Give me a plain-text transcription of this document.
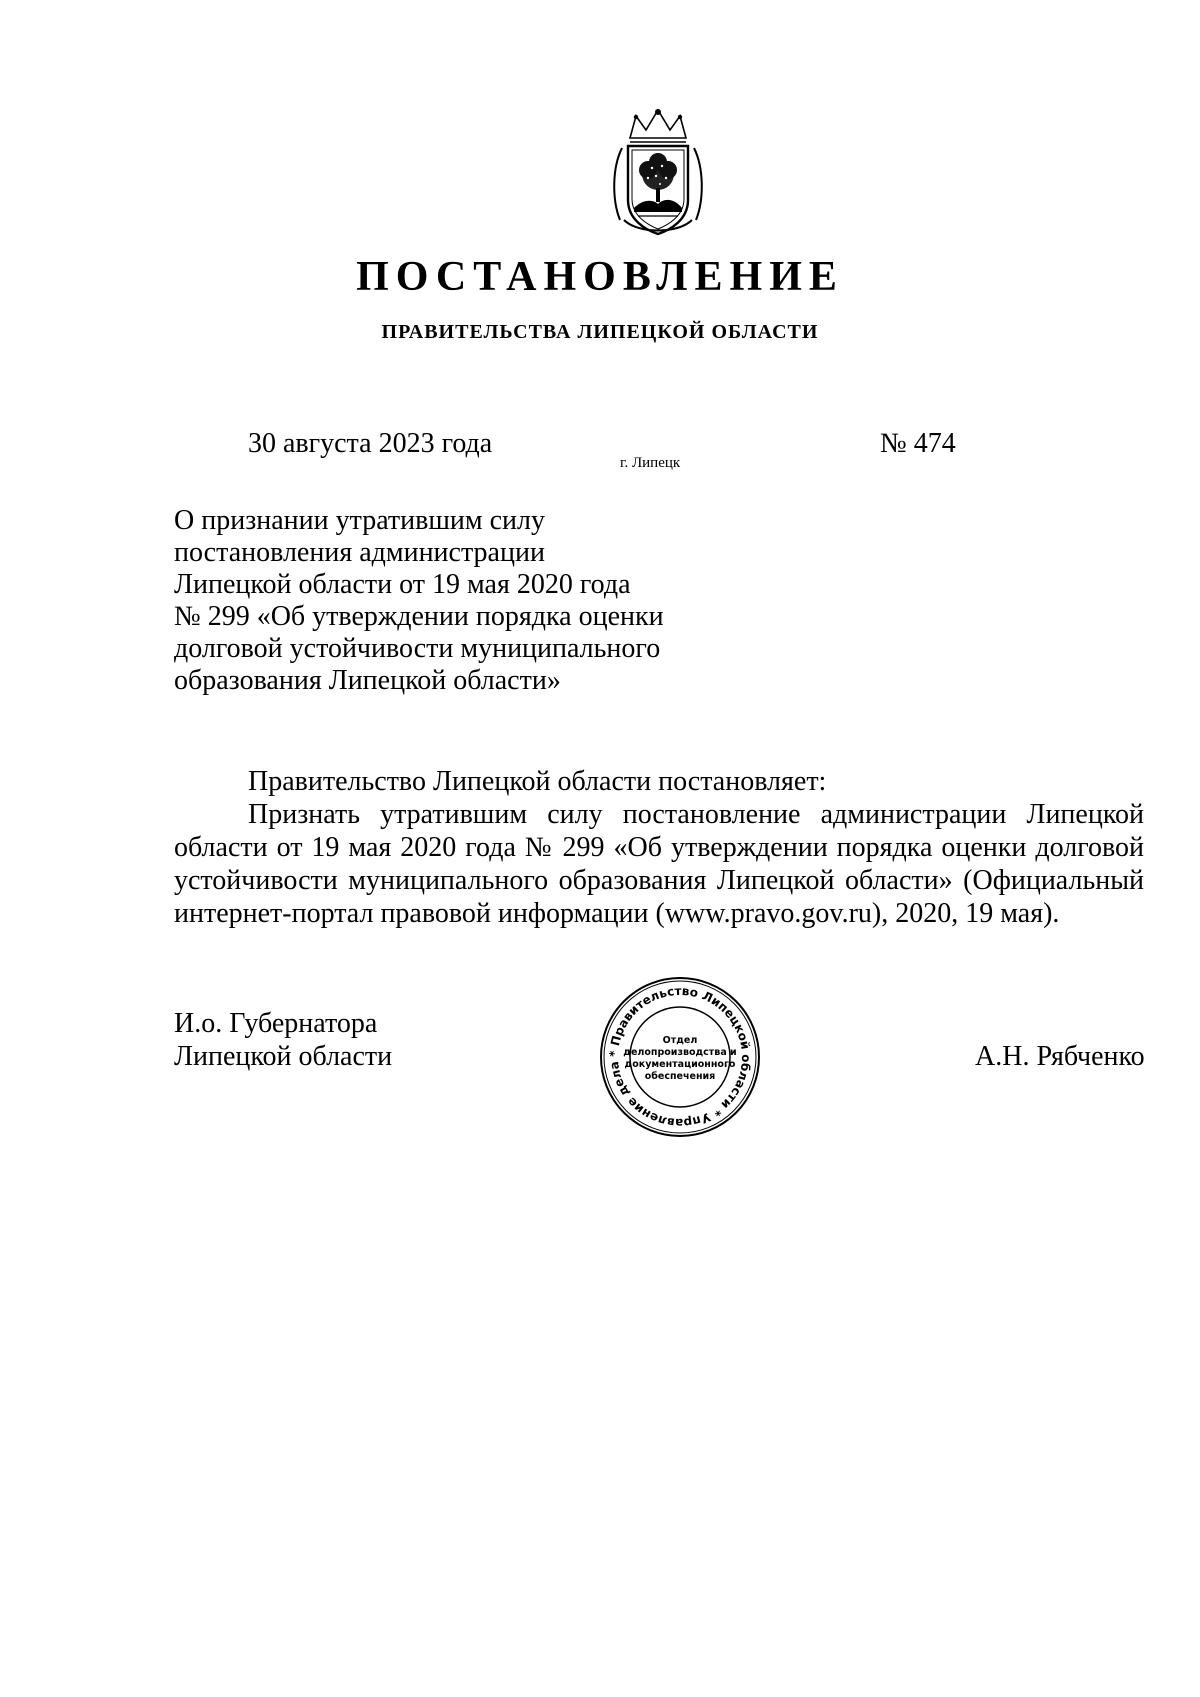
ПОСТАНОВЛЕНИЕ
ПРАВИТЕЛЬСТВА ЛИПЕЦКОЙ ОБЛАСТИ
30 августа 2023 года
г. Липецк
№ 474
О признании утратившим силу
постановления администрации
Липецкой области от 19 мая 2020 года
№ 299 «Об утверждении порядка оценки
долговой устойчивости муниципального
образования Липецкой области»

Правительство Липецкой области постановляет:

Признать утратившим силу постановление администрации Липецкой области от 19 мая 2020 года № 299 «Об утверждении порядка оценки долговой устойчивости муниципального образования Липецкой области» (Официальный интернет-портал правовой информации (www.pravo.gov.ru), 2020, 19 мая).

И.о. Губернатора
Липецкой области	А.Н. Рябченко
* Правительство Липецкой области * Управление дела
Отдел
делопроизводства и
документационного
обеспечения
